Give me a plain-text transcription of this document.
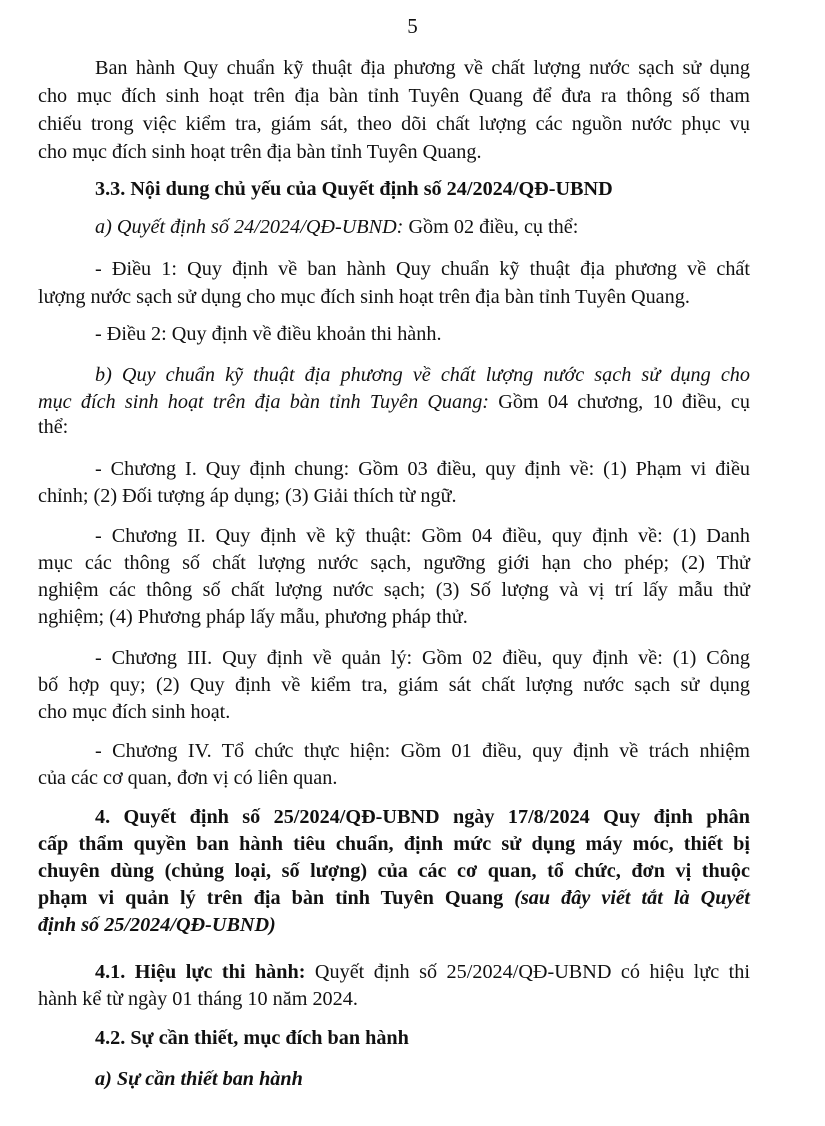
5
Ban hành Quy chuẩn kỹ thuật địa phương về chất lượng nước sạch sử dụng
cho mục đích sinh hoạt trên địa bàn tỉnh Tuyên Quang để đưa ra thông số tham
chiếu trong việc kiểm tra, giám sát, theo dõi chất lượng các nguồn nước phục vụ
cho mục đích sinh hoạt trên địa bàn tỉnh Tuyên Quang.
3.3. Nội dung chủ yếu của Quyết định số 24/2024/QĐ-UBND
a) Quyết định số 24/2024/QĐ-UBND: Gồm 02 điều, cụ thể:
- Điều 1: Quy định về ban hành Quy chuẩn kỹ thuật địa phương về chất
lượng nước sạch sử dụng cho mục đích sinh hoạt trên địa bàn tỉnh Tuyên Quang.
- Điều 2: Quy định về điều khoản thi hành.
b) Quy chuẩn kỹ thuật địa phương về chất lượng nước sạch sử dụng cho
mục đích sinh hoạt trên địa bàn tỉnh Tuyên Quang: Gồm 04 chương, 10 điều, cụ
thể:
- Chương I. Quy định chung: Gồm 03 điều, quy định về: (1) Phạm vi điều
chỉnh; (2) Đối tượng áp dụng; (3) Giải thích từ ngữ.
- Chương II. Quy định về kỹ thuật: Gồm 04 điều, quy định về: (1) Danh
mục các thông số chất lượng nước sạch, ngưỡng giới hạn cho phép; (2) Thử
nghiệm các thông số chất lượng nước sạch; (3) Số lượng và vị trí lấy mẫu thử
nghiệm; (4) Phương pháp lấy mẫu, phương pháp thử.
- Chương III. Quy định về quản lý: Gồm 02 điều, quy định về: (1) Công
bố hợp quy; (2) Quy định về kiểm tra, giám sát chất lượng nước sạch sử dụng
cho mục đích sinh hoạt.
- Chương IV. Tổ chức thực hiện: Gồm 01 điều, quy định về trách nhiệm
của các cơ quan, đơn vị có liên quan.
4. Quyết định số 25/2024/QĐ-UBND ngày 17/8/2024 Quy định phân
cấp thẩm quyền ban hành tiêu chuẩn, định mức sử dụng máy móc, thiết bị
chuyên dùng (chủng loại, số lượng) của các cơ quan, tổ chức, đơn vị thuộc
phạm vi quản lý trên địa bàn tỉnh Tuyên Quang (sau đây viết tắt là Quyết
định số 25/2024/QĐ-UBND)
4.1. Hiệu lực thi hành: Quyết định số 25/2024/QĐ-UBND có hiệu lực thi
hành kể từ ngày 01 tháng 10 năm 2024.
4.2. Sự cần thiết, mục đích ban hành
a) Sự cần thiết ban hành
